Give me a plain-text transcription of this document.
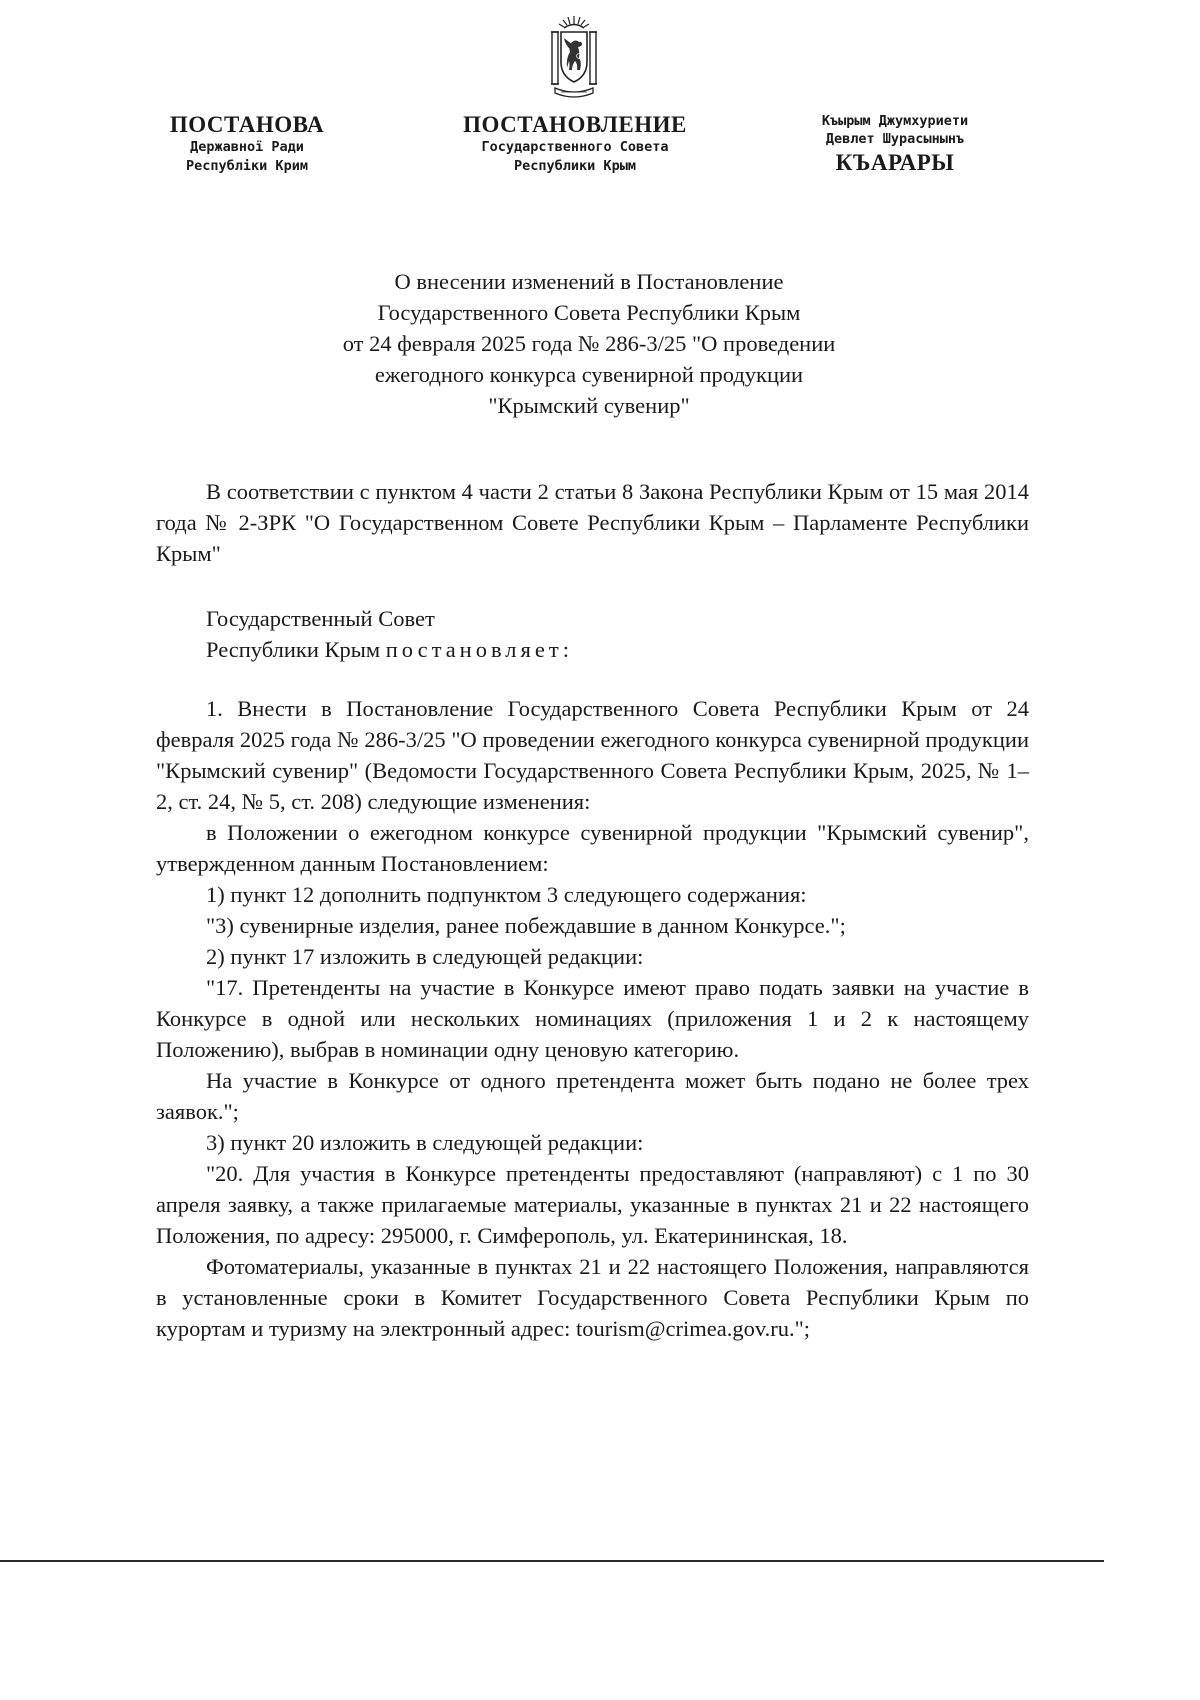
ПОСТАНОВА
Державної Ради
Республіки Крим
ПОСТАНОВЛЕНИЕ
Государственного Совета
Республики Крым
Къырым Джумхуриети
Девлет Шурасынынъ
КЪАРАРЫ
О внесении изменений в Постановление
Государственного Совета Республики Крым
от 24 февраля 2025 года № 286-3/25 "О проведении
ежегодного конкурса сувенирной продукции
"Крымский сувенир"

В соответствии с пунктом 4 части 2 статьи 8 Закона Республики Крым от 15 мая 2014 года № 2-ЗРК "О Государственном Совете Республики Крым – Парламенте Республики Крым"

Государственный Совет

Республики Крым постановляет:

1. Внести в Постановление Государственного Совета Республики Крым от 24 февраля 2025 года № 286-3/25 "О проведении ежегодного конкурса сувенирной продукции "Крымский сувенир" (Ведомости Государственного Совета Республики Крым, 2025, № 1–2, ст. 24, № 5, ст. 208) следующие изменения:

в Положении о ежегодном конкурсе сувенирной продукции "Крымский сувенир", утвержденном данным Постановлением:

1) пункт 12 дополнить подпунктом 3 следующего содержания:

"3) сувенирные изделия, ранее побеждавшие в данном Конкурсе.";

2) пункт 17 изложить в следующей редакции:

"17. Претенденты на участие в Конкурсе имеют право подать заявки на участие в Конкурсе в одной или нескольких номинациях (приложения 1 и 2 к настоящему Положению), выбрав в номинации одну ценовую категорию.

На участие в Конкурсе от одного претендента может быть подано не более трех заявок.";

3) пункт 20 изложить в следующей редакции:

"20. Для участия в Конкурсе претенденты предоставляют (направляют) с 1 по 30 апреля заявку, а также прилагаемые материалы, указанные в пунктах 21 и 22 настоящего Положения, по адресу: 295000, г. Симферополь, ул. Екатерининская, 18.

Фотоматериалы, указанные в пунктах 21 и 22 настоящего Положения, направляются в установленные сроки в Комитет Государственного Совета Республики Крым по курортам и туризму на электронный адрес: tourism@crimea.gov.ru.";
